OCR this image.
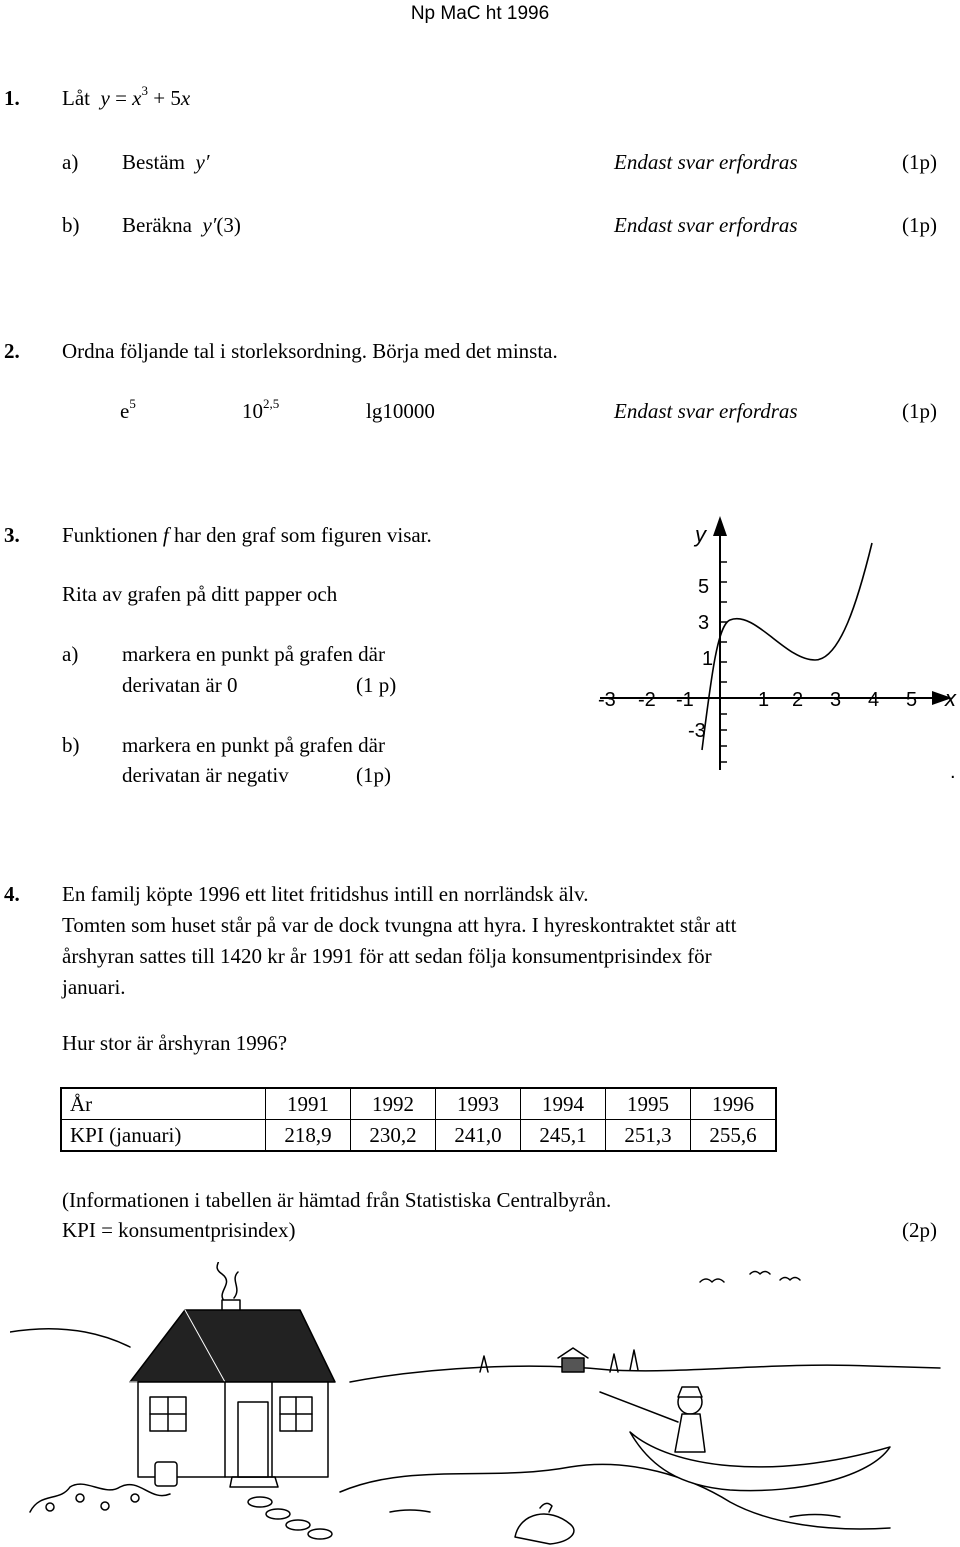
Np MaC ht 1996
1. Låt $y = x^3 + 5x$
a) Bestäm y′	Endast svar erfordras	(1p)
b) Beräkna y′(3)	Endast svar erfordras	(1p)
2. Ordna följande tal i storleksordning. Börja med det minsta.
$e^5$	10$^{2,5}$	lg10000	Endast svar erfordras	(1p)
3. Funktionen f har den graf som figuren visar.
Rita av grafen på ditt papper och
a) markera en punkt på grafen där
derivatan är 0	(1 p)
b) markera en punkt på grafen där
derivatan är negativ	(1p)
y
x
5
3
1
-3
-3 -2 -1	1 2 3 4 5
.
4. En familj köpte 1996 ett litet fritidshus intill en norrländsk älv.
Tomten som huset står på var de dock tvungna att hyra. I hyreskontraktet står att
årshyran sattes till 1420 kr år 1991 för att sedan följa konsumentprisindex för
januari.
Hur stor är årshyran 1996?
År	1991	1992	1993	1994	1995	1996
KPI (januari)	218,9	230,2	241,0	245,1	251,3	255,6
(Informationen i tabellen är hämtad från Statistiska Centralbyrån.
KPI = konsumentprisindex)	(2p)
